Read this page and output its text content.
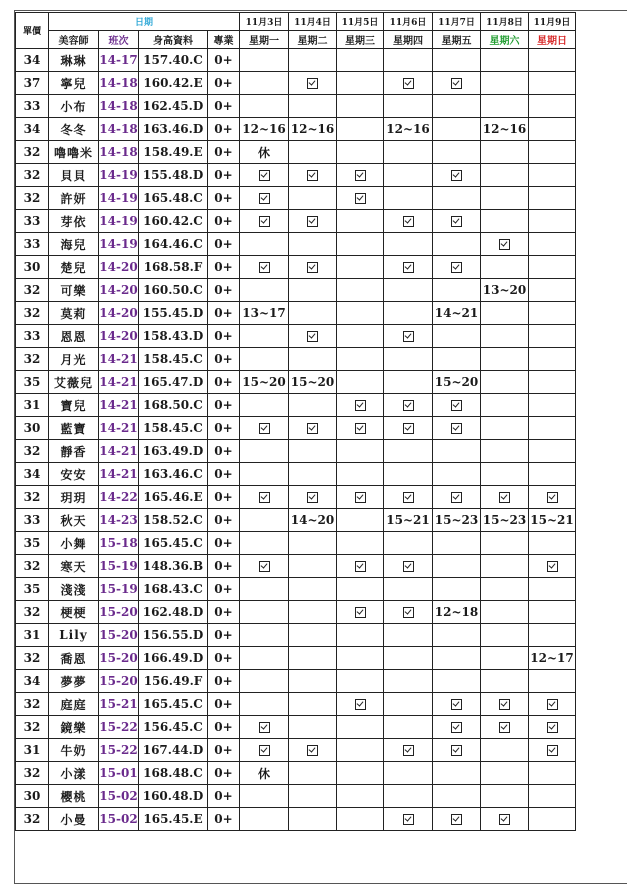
單價	日期				11月3日	11月4日	11月5日	11月6日	11月7日	11月8日	11月9日
	美容師	班次	身高資料	專業	星期一	星期二	星期三	星期四	星期五	星期六	星期日
34	琳琳	14-17	157.40.C	0+							
37	寧兒	14-18	160.42.E	0+							
33	小布	14-18	162.45.D	0+							
34	冬冬	14-18	163.46.D	0+	12~16	12~16		12~16		12~16	
32	嚕嚕米	14-18	158.49.E	0+	休						
32	貝貝	14-19	155.48.D	0+							
32	許妍	14-19	165.48.C	0+							
33	芽依	14-19	160.42.C	0+							
33	海兒	14-19	164.46.C	0+							
30	楚兒	14-20	168.58.F	0+							
32	可樂	14-20	160.50.C	0+						13~20	
32	莫莉	14-20	155.45.D	0+	13~17				14~21		
33	恩恩	14-20	158.43.D	0+							
32	月光	14-21	158.45.C	0+							
35	艾薇兒	14-21	165.47.D	0+	15~20	15~20			15~20		
31	寶兒	14-21	168.50.C	0+							
30	藍寶	14-21	158.45.C	0+							
32	靜香	14-21	163.49.D	0+							
34	安安	14-21	163.46.C	0+							
32	玥玥	14-22	165.46.E	0+							
33	秋天	14-23	158.52.C	0+		14~20		15~21	15~23	15~23	15~21
35	小舞	15-18	165.45.C	0+							
32	寒天	15-19	148.36.B	0+							
35	淺淺	15-19	168.43.C	0+							
32	梗梗	15-20	162.48.D	0+					12~18		
31	Lily	15-20	156.55.D	0+							
32	喬恩	15-20	166.49.D	0+							12~17
34	夢夢	15-20	156.49.F	0+							
32	庭庭	15-21	165.45.C	0+							
32	鏡樂	15-22	156.45.C	0+							
31	牛奶	15-22	167.44.D	0+							
32	小漾	15-01	168.48.C	0+	休						
30	櫻桃	15-02	160.48.D	0+							
32	小曼	15-02	165.45.E	0+							
